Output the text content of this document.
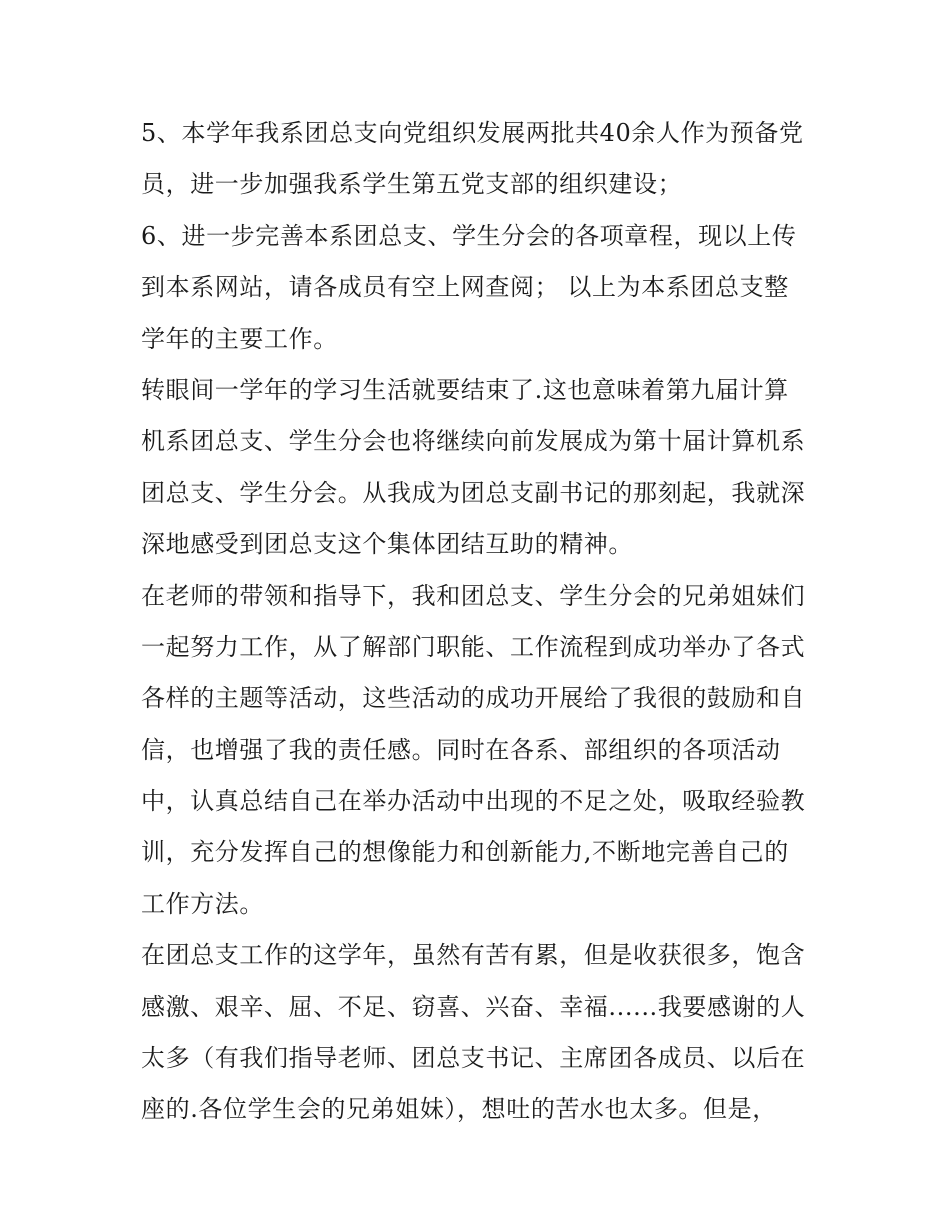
5、本学年我系团总支向党组织发展两批共40余人作为预备党
员，进一步加强我系学生第五党支部的组织建设；
6、进一步完善本系团总支、学生分会的各项章程，现以上传
到本系网站，请各成员有空上网查阅； 以上为本系团总支整
学年的主要工作。
转眼间一学年的学习生活就要结束了.这也意味着第九届计算
机系团总支、学生分会也将继续向前发展成为第十届计算机系
团总支、学生分会。从我成为团总支副书记的那刻起，我就深
深地感受到团总支这个集体团结互助的精神。
在老师的带领和指导下，我和团总支、学生分会的兄弟姐妹们
一起努力工作，从了解部门职能、工作流程到成功举办了各式
各样的主题等活动，这些活动的成功开展给了我很的鼓励和自
信，也增强了我的责任感。同时在各系、部组织的各项活动
中，认真总结自己在举办活动中出现的不足之处，吸取经验教
训，充分发挥自己的想像能力和创新能力,不断地完善自己的
工作方法。
在团总支工作的这学年，虽然有苦有累，但是收获很多，饱含
感激、艰辛、屈、不足、窃喜、兴奋、幸福......我要感谢的人
太多（有我们指导老师、团总支书记、主席团各成员、以后在
座的.各位学生会的兄弟姐妹），想吐的苦水也太多。但是，
